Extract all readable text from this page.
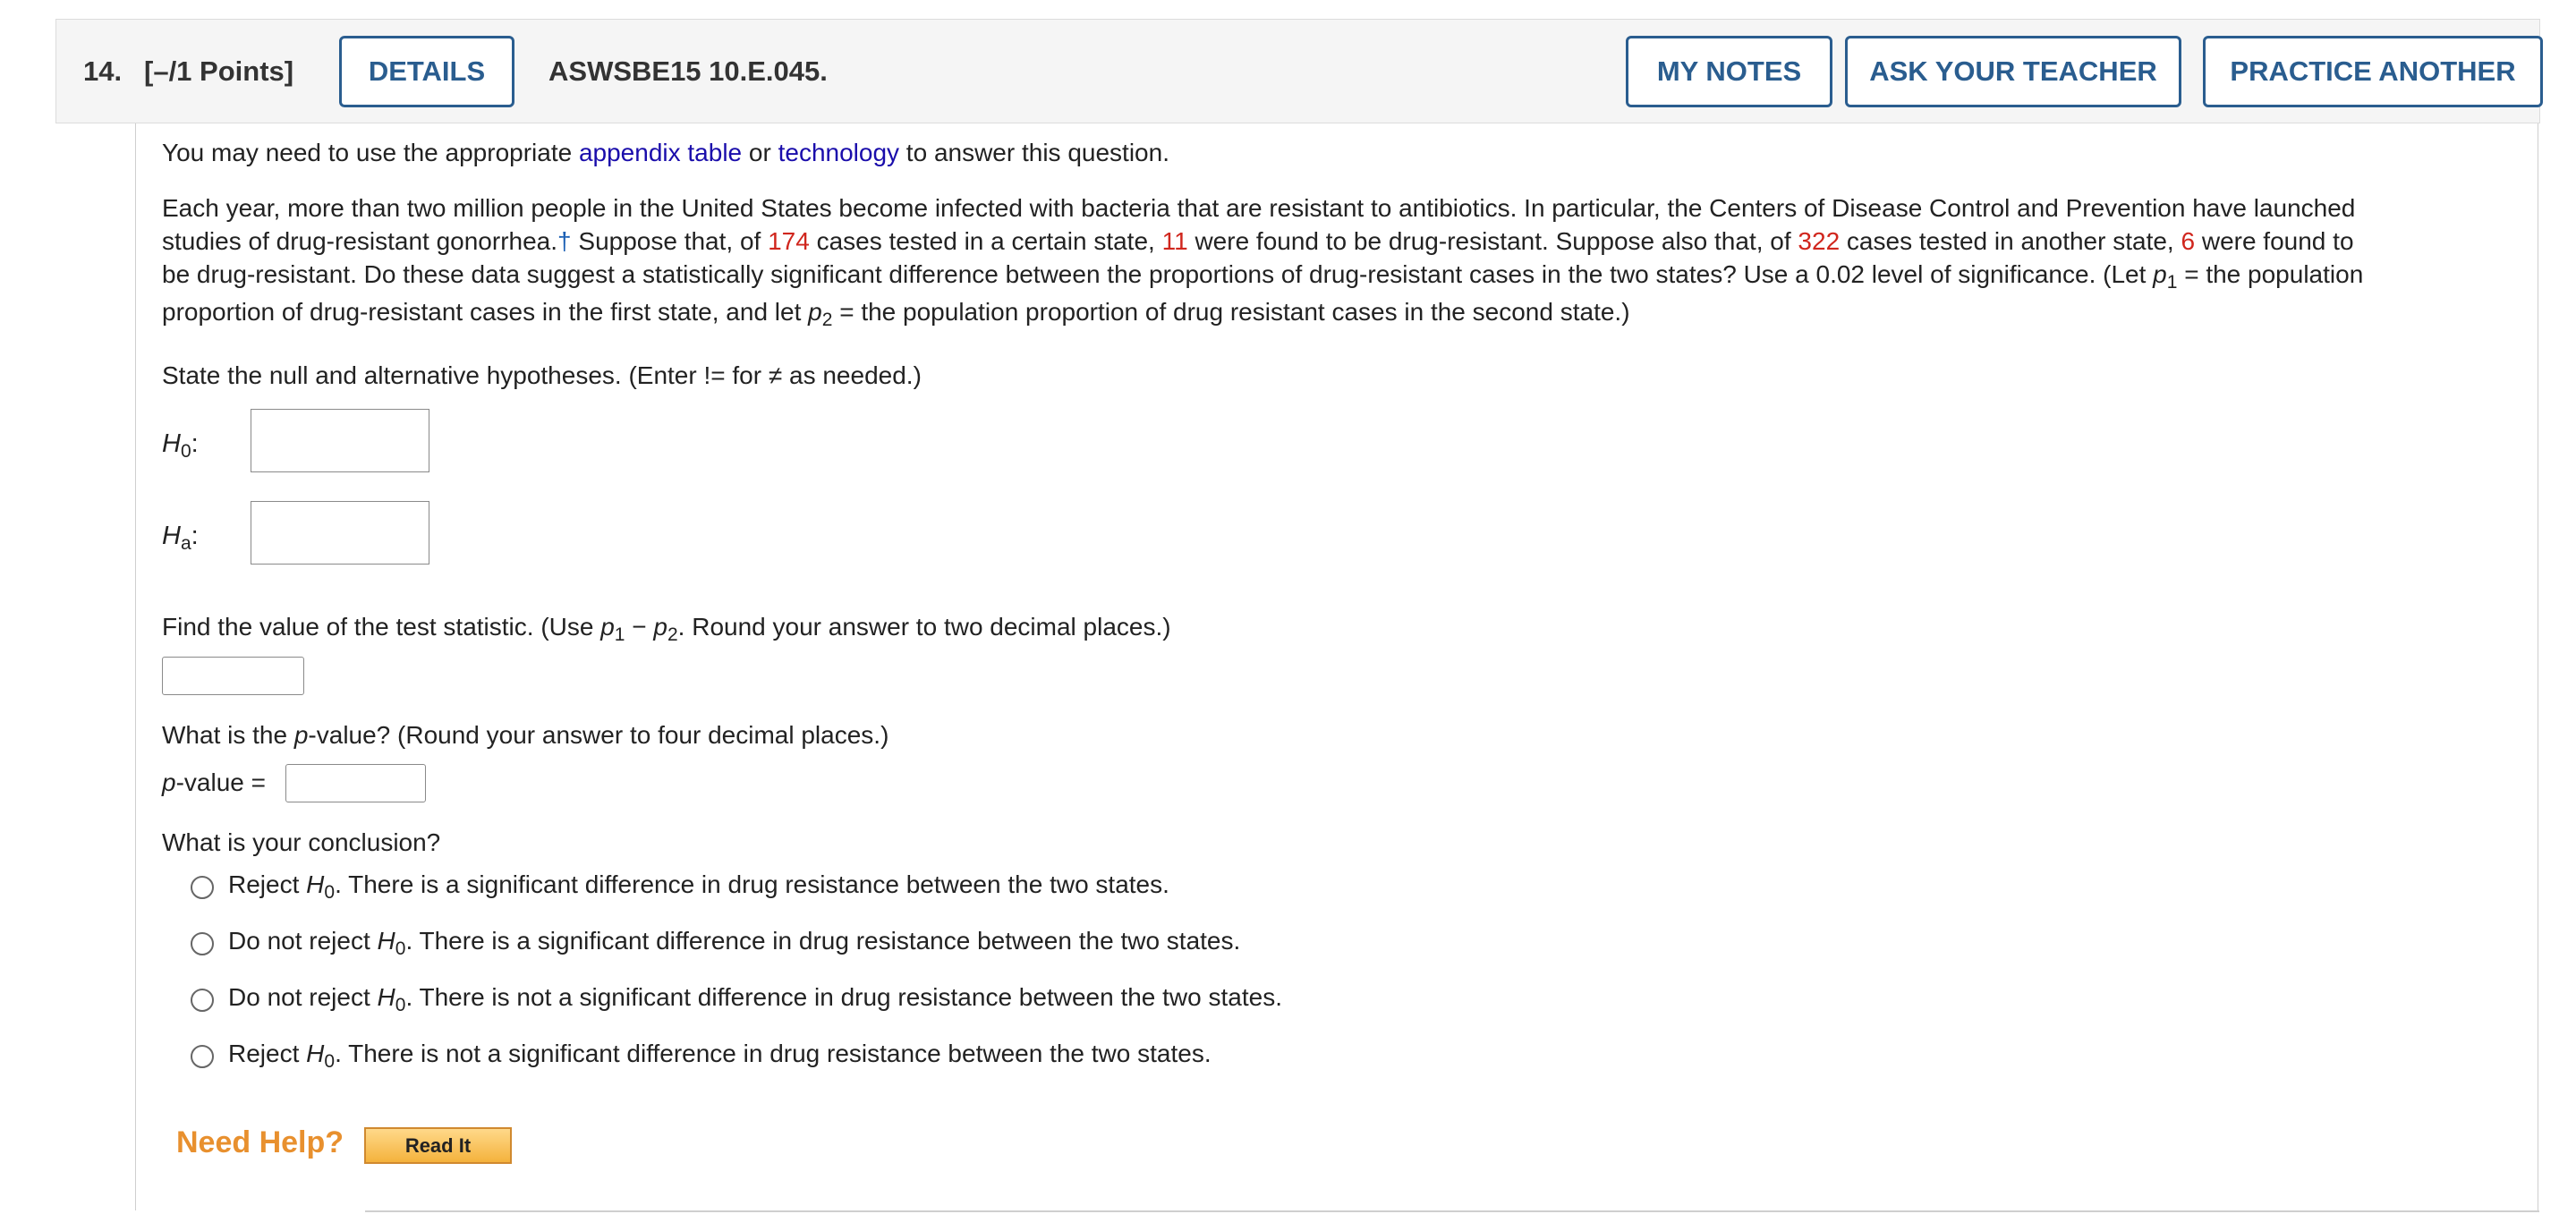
14. [–/1 Points]	DETAILS	ASWSBE15 10.E.045.	MY NOTES	ASK YOUR TEACHER	PRACTICE ANOTHER
You may need to use the appropriate appendix table or technology to answer this question.
Each year, more than two million people in the United States become infected with bacteria that are resistant to antibiotics. In particular, the Centers of Disease Control and Prevention have launched
studies of drug-resistant gonorrhea.† Suppose that, of 174 cases tested in a certain state, 11 were found to be drug-resistant. Suppose also that, of 322 cases tested in another state, 6 were found to
be drug-resistant. Do these data suggest a statistically significant difference between the proportions of drug-resistant cases in the two states? Use a 0.02 level of significance. (Let $p_1$ = the population
proportion of drug-resistant cases in the first state, and let $p_2$ = the population proportion of drug resistant cases in the second state.)
State the null and alternative hypotheses. (Enter != for ≠ as needed.)
$H_0$:
$H_a$:
Find the value of the test statistic. (Use $p_1 - p_2$. Round your answer to two decimal places.)
What is the p-value? (Round your answer to four decimal places.)
p-value =
What is your conclusion?
Reject $H_0$. There is a significant difference in drug resistance between the two states.
Do not reject $H_0$. There is a significant difference in drug resistance between the two states.
Do not reject $H_0$. There is not a significant difference in drug resistance between the two states.
Reject $H_0$. There is not a significant difference in drug resistance between the two states.
Need Help?	Read It
